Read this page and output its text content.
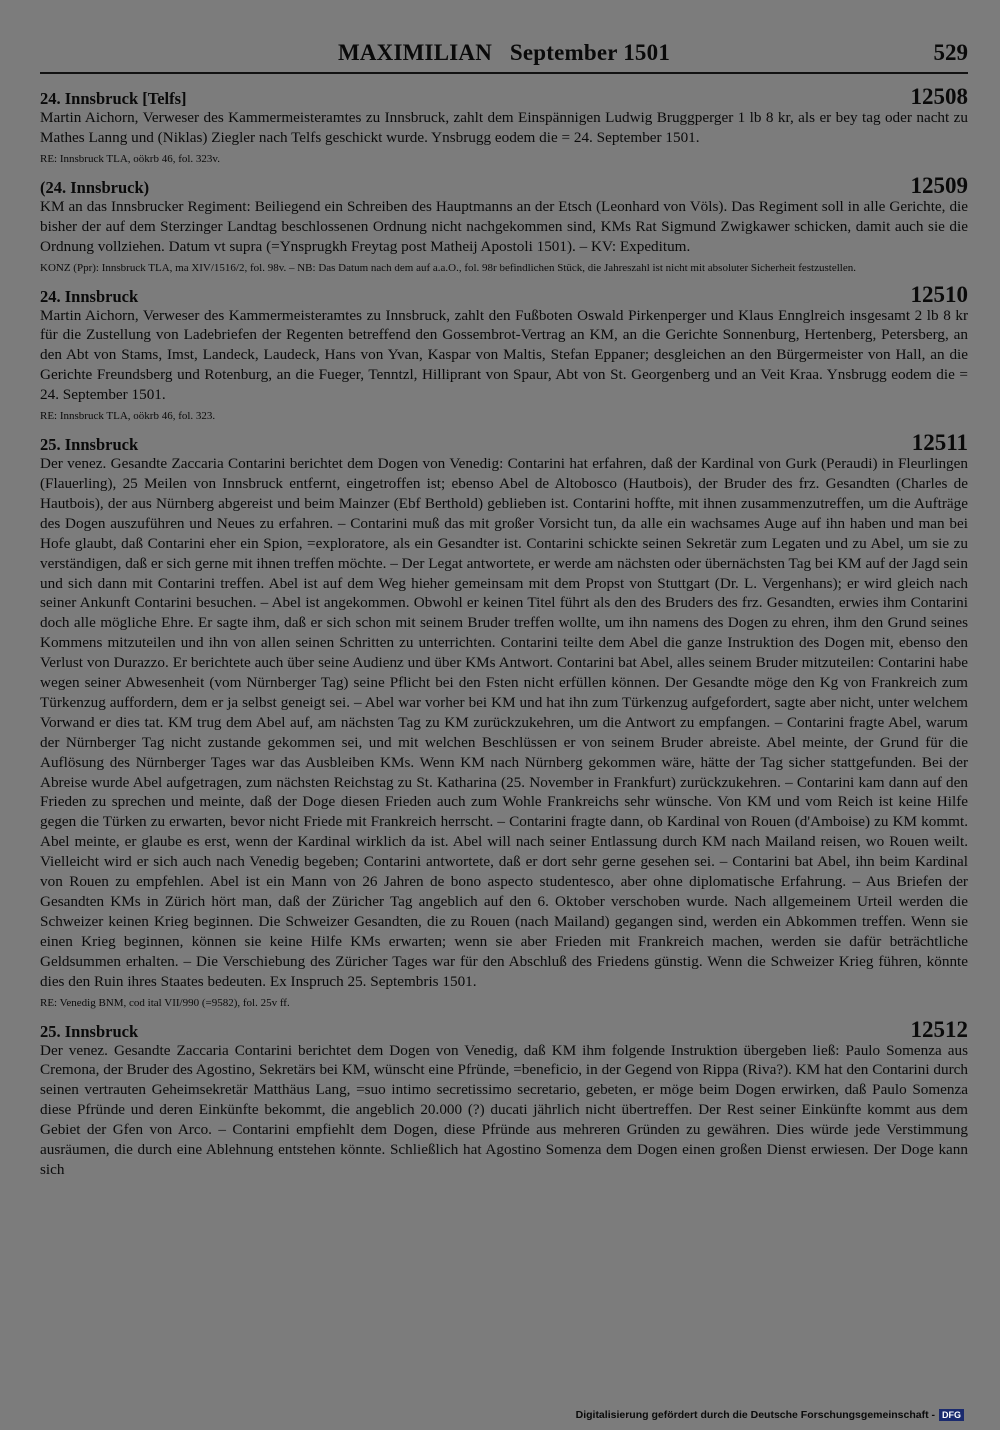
MAXIMILIAN   September 1501	529
24. Innsbruck [Telfs]	12508

Martin Aichorn, Verweser des Kammermeisteramtes zu Innsbruck, zahlt dem Einspännigen Ludwig Bruggperger 1 lb 8 kr, als er bey tag oder nacht zu Mathes Lanng und (Niklas) Ziegler nach Telfs geschickt wurde. Ynsbrugg eodem die = 24. September 1501.

RE: Innsbruck TLA, oökrb 46, fol. 323v.
(24. Innsbruck)	12509

KM an das Innsbrucker Regiment: Beiliegend ein Schreiben des Hauptmanns an der Etsch (Leonhard von Völs). Das Regiment soll in alle Gerichte, die bisher der auf dem Sterzinger Landtag beschlossenen Ordnung nicht nachgekommen sind, KMs Rat Sigmund Zwigkawer schicken, damit auch sie die Ordnung vollziehen. Datum vt supra (=Ynsprugkh Freytag post Matheij Apostoli 1501). – KV: Expeditum.

KONZ (Ppr): Innsbruck TLA, ma XIV/1516/2, fol. 98v. – NB: Das Datum nach dem auf a.a.O., fol. 98r befindlichen Stück, die Jahreszahl ist nicht mit absoluter Sicherheit festzustellen.
24. Innsbruck	12510

Martin Aichorn, Verweser des Kammermeisteramtes zu Innsbruck, zahlt den Fußboten Oswald Pirkenperger und Klaus Ennglreich insgesamt 2 lb 8 kr für die Zustellung von Ladebriefen der Regenten betreffend den Gossembrot-Vertrag an KM, an die Gerichte Sonnenburg, Hertenberg, Petersberg, an den Abt von Stams, Imst, Landeck, Laudeck, Hans von Yvan, Kaspar von Maltis, Stefan Eppaner; desgleichen an den Bürgermeister von Hall, an die Gerichte Freundsberg und Rotenburg, an die Fueger, Tenntzl, Hilliprant von Spaur, Abt von St. Georgenberg und an Veit Kraa. Ynsbrugg eodem die = 24. September 1501.

RE: Innsbruck TLA, oökrb 46, fol. 323.
25. Innsbruck	12511

Der venez. Gesandte Zaccaria Contarini berichtet dem Dogen von Venedig: Contarini hat erfahren, daß der Kardinal von Gurk (Peraudi) in Fleurlingen (Flauerling), 25 Meilen von Innsbruck entfernt, eingetroffen ist; ebenso Abel de Altobosco (Hautbois), der Bruder des frz. Gesandten (Charles de Hautbois), der aus Nürnberg abgereist und beim Mainzer (Ebf Berthold) geblieben ist. Contarini hoffte, mit ihnen zusammenzutreffen, um die Aufträge des Dogen auszuführen und Neues zu erfahren. – Contarini muß das mit großer Vorsicht tun, da alle ein wachsames Auge auf ihn haben und man bei Hofe glaubt, daß Contarini eher ein Spion, =exploratore, als ein Gesandter ist. Contarini schickte seinen Sekretär zum Legaten und zu Abel, um sie zu verständigen, daß er sich gerne mit ihnen treffen möchte. – Der Legat antwortete, er werde am nächsten oder übernächsten Tag bei KM auf der Jagd sein und sich dann mit Contarini treffen. Abel ist auf dem Weg hieher gemeinsam mit dem Propst von Stuttgart (Dr. L. Vergenhans); er wird gleich nach seiner Ankunft Contarini besuchen. – Abel ist angekommen. Obwohl er keinen Titel führt als den des Bruders des frz. Gesandten, erwies ihm Contarini doch alle mögliche Ehre. Er sagte ihm, daß er sich schon mit seinem Bruder treffen wollte, um ihn namens des Dogen zu ehren, ihm den Grund seines Kommens mitzuteilen und ihn von allen seinen Schritten zu unterrichten. Contarini teilte dem Abel die ganze Instruktion des Dogen mit, ebenso den Verlust von Durazzo. Er berichtete auch über seine Audienz und über KMs Antwort. Contarini bat Abel, alles seinem Bruder mitzuteilen: Contarini habe wegen seiner Abwesenheit (vom Nürnberger Tag) seine Pflicht bei den Fsten nicht erfüllen können. Der Gesandte möge den Kg von Frankreich zum Türkenzug auffordern, dem er ja selbst geneigt sei. – Abel war vorher bei KM und hat ihn zum Türkenzug aufgefordert, sagte aber nicht, unter welchem Vorwand er dies tat. KM trug dem Abel auf, am nächsten Tag zu KM zurückzukehren, um die Antwort zu empfangen. – Contarini fragte Abel, warum der Nürnberger Tag nicht zustande gekommen sei, und mit welchen Beschlüssen er von seinem Bruder abreiste. Abel meinte, der Grund für die Auflösung des Nürnberger Tages war das Ausbleiben KMs. Wenn KM nach Nürnberg gekommen wäre, hätte der Tag sicher stattgefunden. Bei der Abreise wurde Abel aufgetragen, zum nächsten Reichstag zu St. Katharina (25. November in Frankfurt) zurückzukehren. – Contarini kam dann auf den Frieden zu sprechen und meinte, daß der Doge diesen Frieden auch zum Wohle Frankreichs sehr wünsche. Von KM und vom Reich ist keine Hilfe gegen die Türken zu erwarten, bevor nicht Friede mit Frankreich herrscht. – Contarini fragte dann, ob Kardinal von Rouen (d'Amboise) zu KM kommt. Abel meinte, er glaube es erst, wenn der Kardinal wirklich da ist. Abel will nach seiner Entlassung durch KM nach Mailand reisen, wo Rouen weilt. Vielleicht wird er sich auch nach Venedig begeben; Contarini antwortete, daß er dort sehr gerne gesehen sei. – Contarini bat Abel, ihn beim Kardinal von Rouen zu empfehlen. Abel ist ein Mann von 26 Jahren de bono aspecto studentesco, aber ohne diplomatische Erfahrung. – Aus Briefen der Gesandten KMs in Zürich hört man, daß der Züricher Tag angeblich auf den 6. Oktober verschoben wurde. Nach allgemeinem Urteil werden die Schweizer keinen Krieg beginnen. Die Schweizer Gesandten, die zu Rouen (nach Mailand) gegangen sind, werden ein Abkommen treffen. Wenn sie einen Krieg beginnen, können sie keine Hilfe KMs erwarten; wenn sie aber Frieden mit Frankreich machen, werden sie dafür beträchtliche Geldsummen erhalten. – Die Verschiebung des Züricher Tages war für den Abschluß des Friedens günstig. Wenn die Schweizer Krieg führen, könnte dies den Ruin ihres Staates bedeuten. Ex Inspruch 25. Septembris 1501.

RE: Venedig BNM, cod ital VII/990 (=9582), fol. 25v ff.
25. Innsbruck	12512

Der venez. Gesandte Zaccaria Contarini berichtet dem Dogen von Venedig, daß KM ihm folgende Instruktion übergeben ließ: Paulo Somenza aus Cremona, der Bruder des Agostino, Sekretärs bei KM, wünscht eine Pfründe, =beneficio, in der Gegend von Rippa (Riva?). KM hat den Contarini durch seinen vertrauten Geheimsekretär Matthäus Lang, =suo intimo secretissimo secretario, gebeten, er möge beim Dogen erwirken, daß Paulo Somenza diese Pfründe und deren Einkünfte bekommt, die angeblich 20.000 (?) ducati jährlich nicht übertreffen. Der Rest seiner Einkünfte kommt aus dem Gebiet der Gfen von Arco. – Contarini empfiehlt dem Dogen, diese Pfründe aus mehreren Gründen zu gewähren. Dies würde jede Verstimmung ausräumen, die durch eine Ablehnung entstehen könnte. Schließlich hat Agostino Somenza dem Dogen einen großen Dienst erwiesen. Der Doge kann sich

Digitalisierung gefördert durch die Deutsche Forschungsgemeinschaft - DFG
